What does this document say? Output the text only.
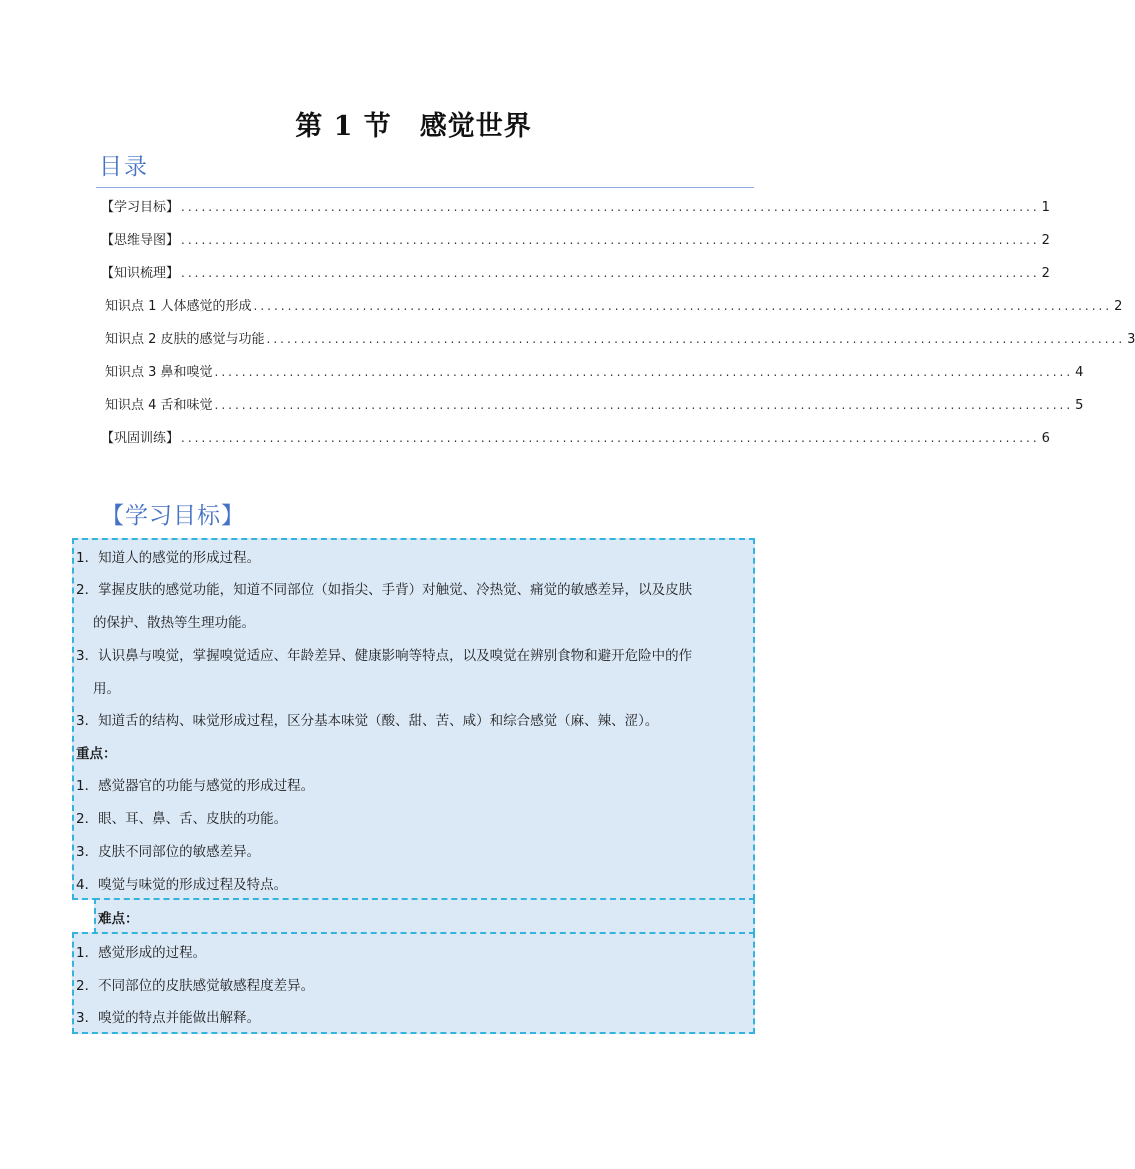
第 1 节　感觉世界
目录
【学习目标】 .............................................................................................................................. 1
【思维导图】 .............................................................................................................................. 2
【知识梳理】 .............................................................................................................................. 2
知识点 1 人体感觉的形成 .............................................................................................................................. 2
知识点 2 皮肤的感觉与功能 .............................................................................................................................. 3
知识点 3 鼻和嗅觉 .............................................................................................................................. 4
知识点 4 舌和味觉 .............................................................................................................................. 5
【巩固训练】 .............................................................................................................................. 6
【学习目标】
1．知道人的感觉的形成过程。
2．掌握皮肤的感觉功能，知道不同部位（如指尖、手背）对触觉、冷热觉、痛觉的敏感差异，以及皮肤
的保护、散热等生理功能。
3．认识鼻与嗅觉，掌握嗅觉适应、年龄差异、健康影响等特点，以及嗅觉在辨别食物和避开危险中的作
用。
3．知道舌的结构、味觉形成过程，区分基本味觉（酸、甜、苦、咸）和综合感觉（麻、辣、涩）。
重点：
1．感觉器官的功能与感觉的形成过程。
2．眼、耳、鼻、舌、皮肤的功能。
3．皮肤不同部位的敏感差异。
4．嗅觉与味觉的形成过程及特点。
难点：
1．感觉形成的过程。
2．不同部位的皮肤感觉敏感程度差异。
3．嗅觉的特点并能做出解释。
